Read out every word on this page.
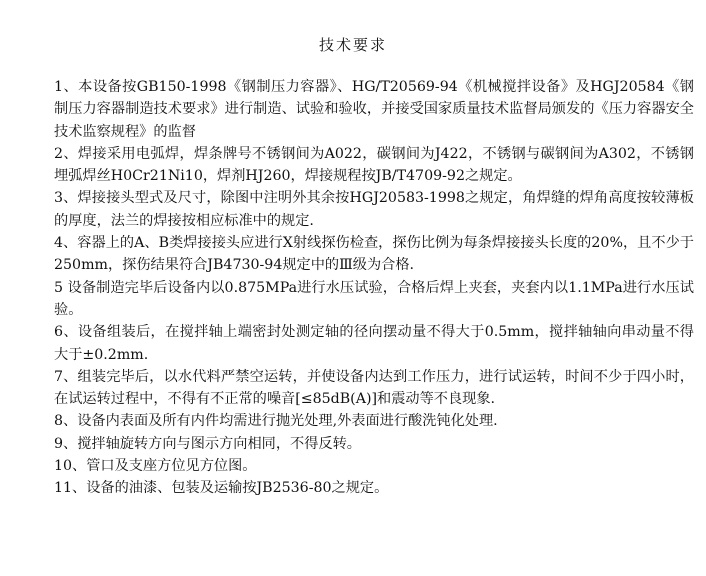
技术要求

1、本设备按GB150-1998《钢制压力容器》、HG/T20569-94《机械搅拌设备》及HGJ20584《钢制压力容器制造技术要求》进行制造、试验和验收，并接受国家质量技术监督局颁发的《压力容器安全技术监察规程》的监督

2、焊接采用电弧焊，焊条牌号不锈钢间为A022，碳钢间为J422，不锈钢与碳钢间为A302，不锈钢埋弧焊丝H0Cr21Ni10，焊剂HJ260，焊接规程按JB/T4709-92之规定。

3、焊接接头型式及尺寸，除图中注明外其余按HGJ20583-1998之规定，角焊缝的焊角高度按较薄板的厚度，法兰的焊接按相应标准中的规定.

4、容器上的A、B类焊接接头应进行X射线探伤检查，探伤比例为每条焊接接头长度的20%，且不少于250mm，探伤结果符合JB4730-94规定中的Ⅲ级为合格.

5 设备制造完毕后设备内以0.875MPa进行水压试验，合格后焊上夹套，夹套内以1.1MPa进行水压试验。

6、设备组装后，在搅拌轴上端密封处测定轴的径向摆动量不得大于0.5mm，搅拌轴轴向串动量不得大于±0.2mm.

7、组装完毕后，以水代料严禁空运转，并使设备内达到工作压力，进行试运转，时间不少于四小时，在试运转过程中，不得有不正常的噪音[≤85dB(A)]和震动等不良现象.

8、设备内表面及所有内件均需进行抛光处理,外表面进行酸洗钝化处理.

9、搅拌轴旋转方向与图示方向相同，不得反转。

10、管口及支座方位见方位图。

11、设备的油漆、包装及运输按JB2536-80之规定。
